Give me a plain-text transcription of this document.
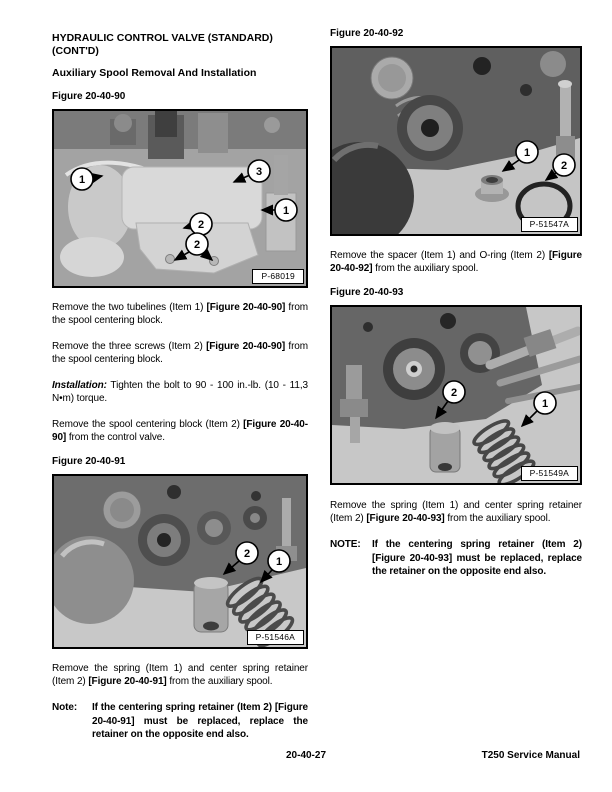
HYDRAULIC CONTROL VALVE (STANDARD)
(CONT'D)
Auxiliary Spool Removal And Installation
Figure 20-40-90
1
3
1
2
2
P-68019
Remove the two tubelines (Item 1) [Figure 20-40-90] from the spool centering block.
Remove the three screws (Item 2) [Figure 20-40-90] from the spool centering block.
Installation: Tighten the bolt to 90 - 100 in.-lb. (10 - 11,3 N•m) torque.
Remove the spool centering block (Item 2) [Figure 20-40-90] from the control valve.
Figure 20-40-91
2
1
P-51546A
Remove the spring (Item 1) and center spring retainer (Item 2) [Figure 20-40-91] from the auxiliary spool.
Note:	If the centering spring retainer (Item 2) [Figure 20-40-91] must be replaced, replace the retainer on the opposite end also.
Figure 20-40-92
1
2
P-51547A
Remove the spacer (Item 1) and O-ring (Item 2) [Figure 20-40-92] from the auxiliary spool.
Figure 20-40-93
2
1
P-51549A
Remove the spring (Item 1) and center spring retainer (Item 2) [Figure 20-40-93] from the auxiliary spool.
NOTE:	If the centering spring retainer (Item 2) [Figure 20-40-93] must be replaced, replace the retainer on the opposite end also.
20-40-27	T250 Service Manual
